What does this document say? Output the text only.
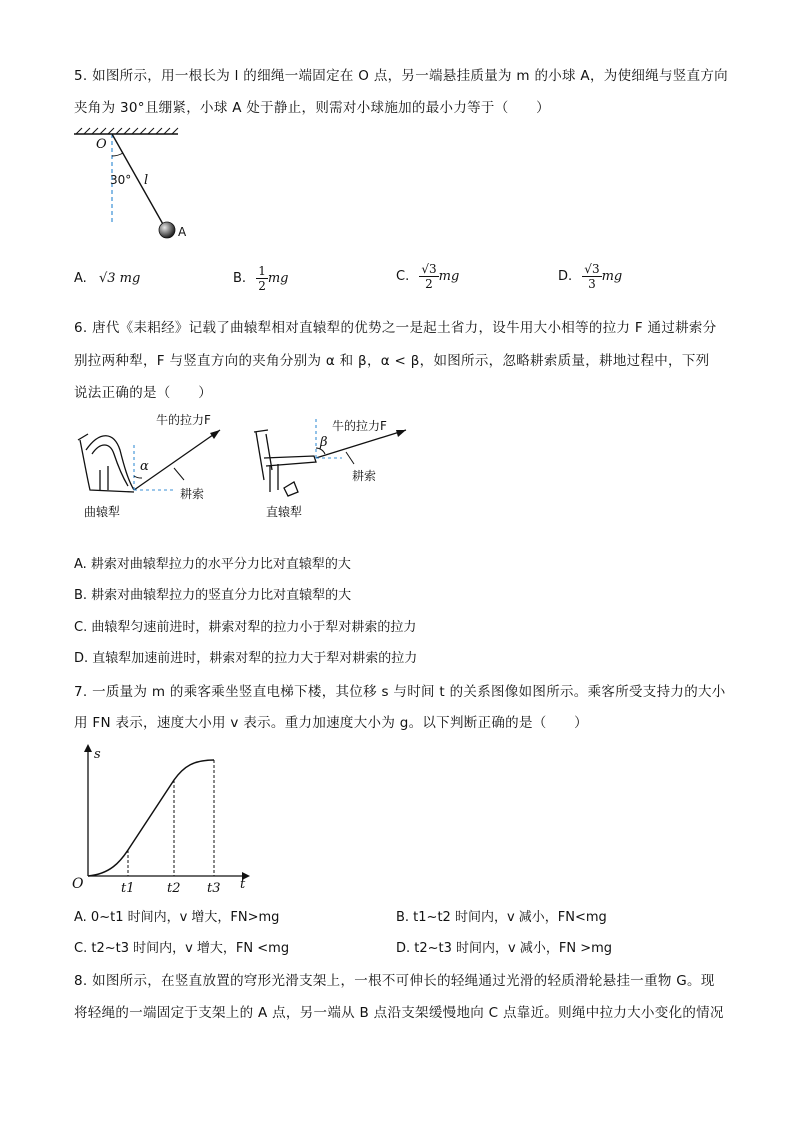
5. 如图所示，用一根长为 l 的细绳一端固定在 O 点，另一端悬挂质量为 m 的小球 A，为使细绳与竖直方向
夹角为 30°且绷紧，小球 A 处于静止，则需对小球施加的最小力等于（　　）
O
30° l
A
A. √3 mg	B. $\frac{1}{2}$ mg	C. $\frac{√3}{2}$ mg	D. $\frac{√3}{3}$ mg
6. 唐代《耒耜经》记载了曲辕犁相对直辕犁的优势之一是起土省力，设牛用大小相等的拉力 F 通过耕索分
别拉两种犁，F 与竖直方向的夹角分别为 α 和 β，α < β，如图所示，忽略耕索质量，耕地过程中，下列
说法正确的是（　　）
牛的拉力F
α
耕索
曲辕犁
牛的拉力F
β
耕索
直辕犁
A. 耕索对曲辕犁拉力的水平分力比对直辕犁的大
B. 耕索对曲辕犁拉力的竖直分力比对直辕犁的大
C. 曲辕犁匀速前进时，耕索对犁的拉力小于犁对耕索的拉力
D. 直辕犁加速前进时，耕索对犁的拉力大于犁对耕索的拉力
7. 一质量为 m 的乘客乘坐竖直电梯下楼，其位移 s 与时间 t 的关系图像如图所示。乘客所受支持力的大小
用 FN 表示，速度大小用 v 表示。重力加速度大小为 g。以下判断正确的是（　　）
s
t
O	t1	t2 t3
A. 0~t1 时间内，v 增大，FN>mg	B. t1~t2 时间内，v 减小，FN<mg
C. t2~t3 时间内，v 增大，FN <mg	D. t2~t3 时间内，v 减小，FN >mg
8. 如图所示，在竖直放置的穹形光滑支架上，一根不可伸长的轻绳通过光滑的轻质滑轮悬挂一重物 G。现
将轻绳的一端固定于支架上的 A 点，另一端从 B 点沿支架缓慢地向 C 点靠近。则绳中拉力大小变化的情况
